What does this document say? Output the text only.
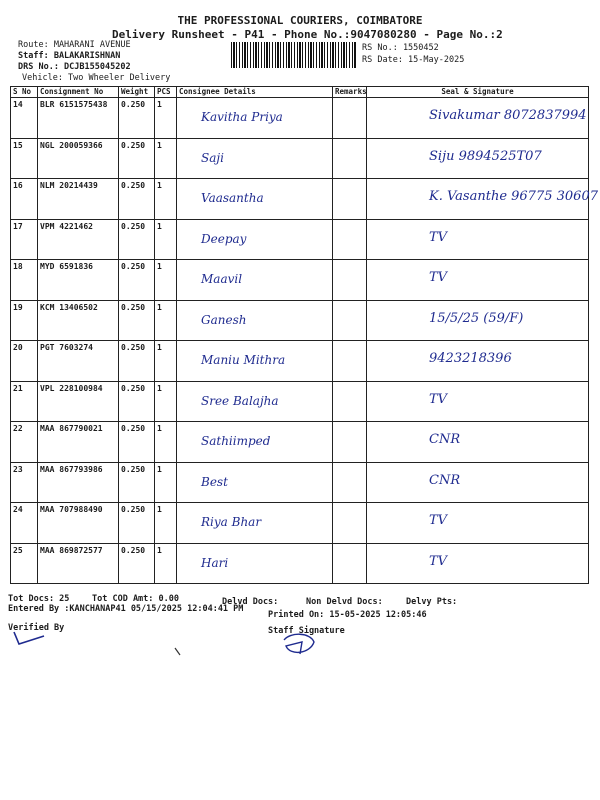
THE PROFESSIONAL COURIERS, COIMBATORE
Delivery Runsheet - P41 - Phone No.:9047080280 - Page No.:2
Route: MAHARANI AVENUE
Staff: BALAKARISHNAN
DRS No.: DCJB155045202
Vehicle: Two Wheeler Delivery
RS No.: 1550452
RS Date: 15-May-2025
S No	Consignment No	Weight	PCS	Consignee Details	Remarks	Seal & Signature

14	BLR 6151575438	0.250	1	Kavitha Priya		Sivakumar 8072837994

15	NGL 200059366	0.250	1	Saji		Siju 9894525T07

16	NLM 20214439	0.250	1	Vaasantha		K. Vasanthe 96775 30607

17	VPM 4221462	0.250	1	Deepay		TV

18	MYD 6591836	0.250	1	Maavil		TV

19	KCM 13406502	0.250	1	Ganesh		15/5/25 (59/F)

20	PGT 7603274	0.250	1	Maniu Mithra		9423218396

21	VPL 228100984	0.250	1	Sree Balajha		TV

22	MAA 867790021	0.250	1	Sathiimped		CNR

23	MAA 867793986	0.250	1	Best		CNR

24	MAA 707988490	0.250	1	Riya Bhar		TV

25	MAA 869872577	0.250	1	Hari		TV
Tot Docs: 25	Tot COD Amt: 0.00	Delvd Docs:	Non Delvd Docs:	Delvy Pts:
Entered By :KANCHANAP41 05/15/2025 12:04:41 PM
Printed On: 15-05-2025 12:05:46
Verified By	Staff Signature
